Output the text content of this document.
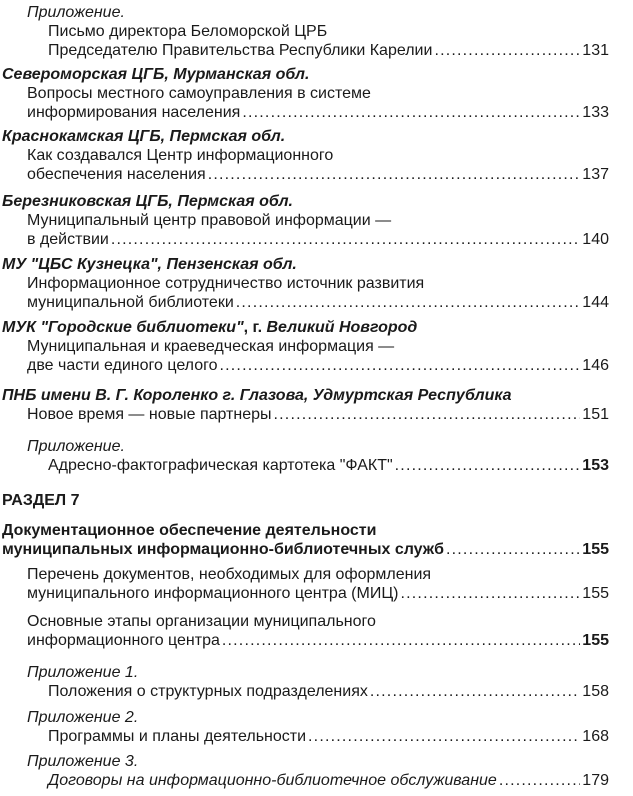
Приложение.
Письмо директора Беломорской ЦРБ
Председателю Правительства Республики Карелии .....	131
Североморская ЦГБ, Мурманская обл.
Вопросы местного самоуправления в системе
информирования населения .....	133
Краснокамская ЦГБ, Пермская обл.
Как создавался Центр информационного
обеспечения населения .....	137
Березниковская ЦГБ, Пермская обл.
Муниципальный центр правовой информации —
в действии .....	140
МУ "ЦБС Кузнецка", Пензенская обл.
Информационное сотрудничество источник развития
муниципальной библиотеки .....	144
МУК "Городские библиотеки", г. Великий Новгород
Муниципальная и краеведческая информация —
две части единого целого .....	146
ПНБ имени В. Г. Короленко г. Глазова, Удмуртская Республика
Новое время — новые партнеры .....	151
Приложение.
Адресно-фактографическая картотека "ФАКТ" .....	153
РАЗДЕЛ 7
Документационное обеспечение деятельности
муниципальных информационно-библиотечных служб .....	155
Перечень документов, необходимых для оформления
муниципального информационного центра (МИЦ) .....	155
Основные этапы организации муниципального
информационного центра .....	155
Приложение 1.
Положения о структурных подразделениях .....	158
Приложение 2.
Программы и планы деятельности .....	168
Приложение 3.
Договоры на информационно-библиотечное обслуживание .....	179
